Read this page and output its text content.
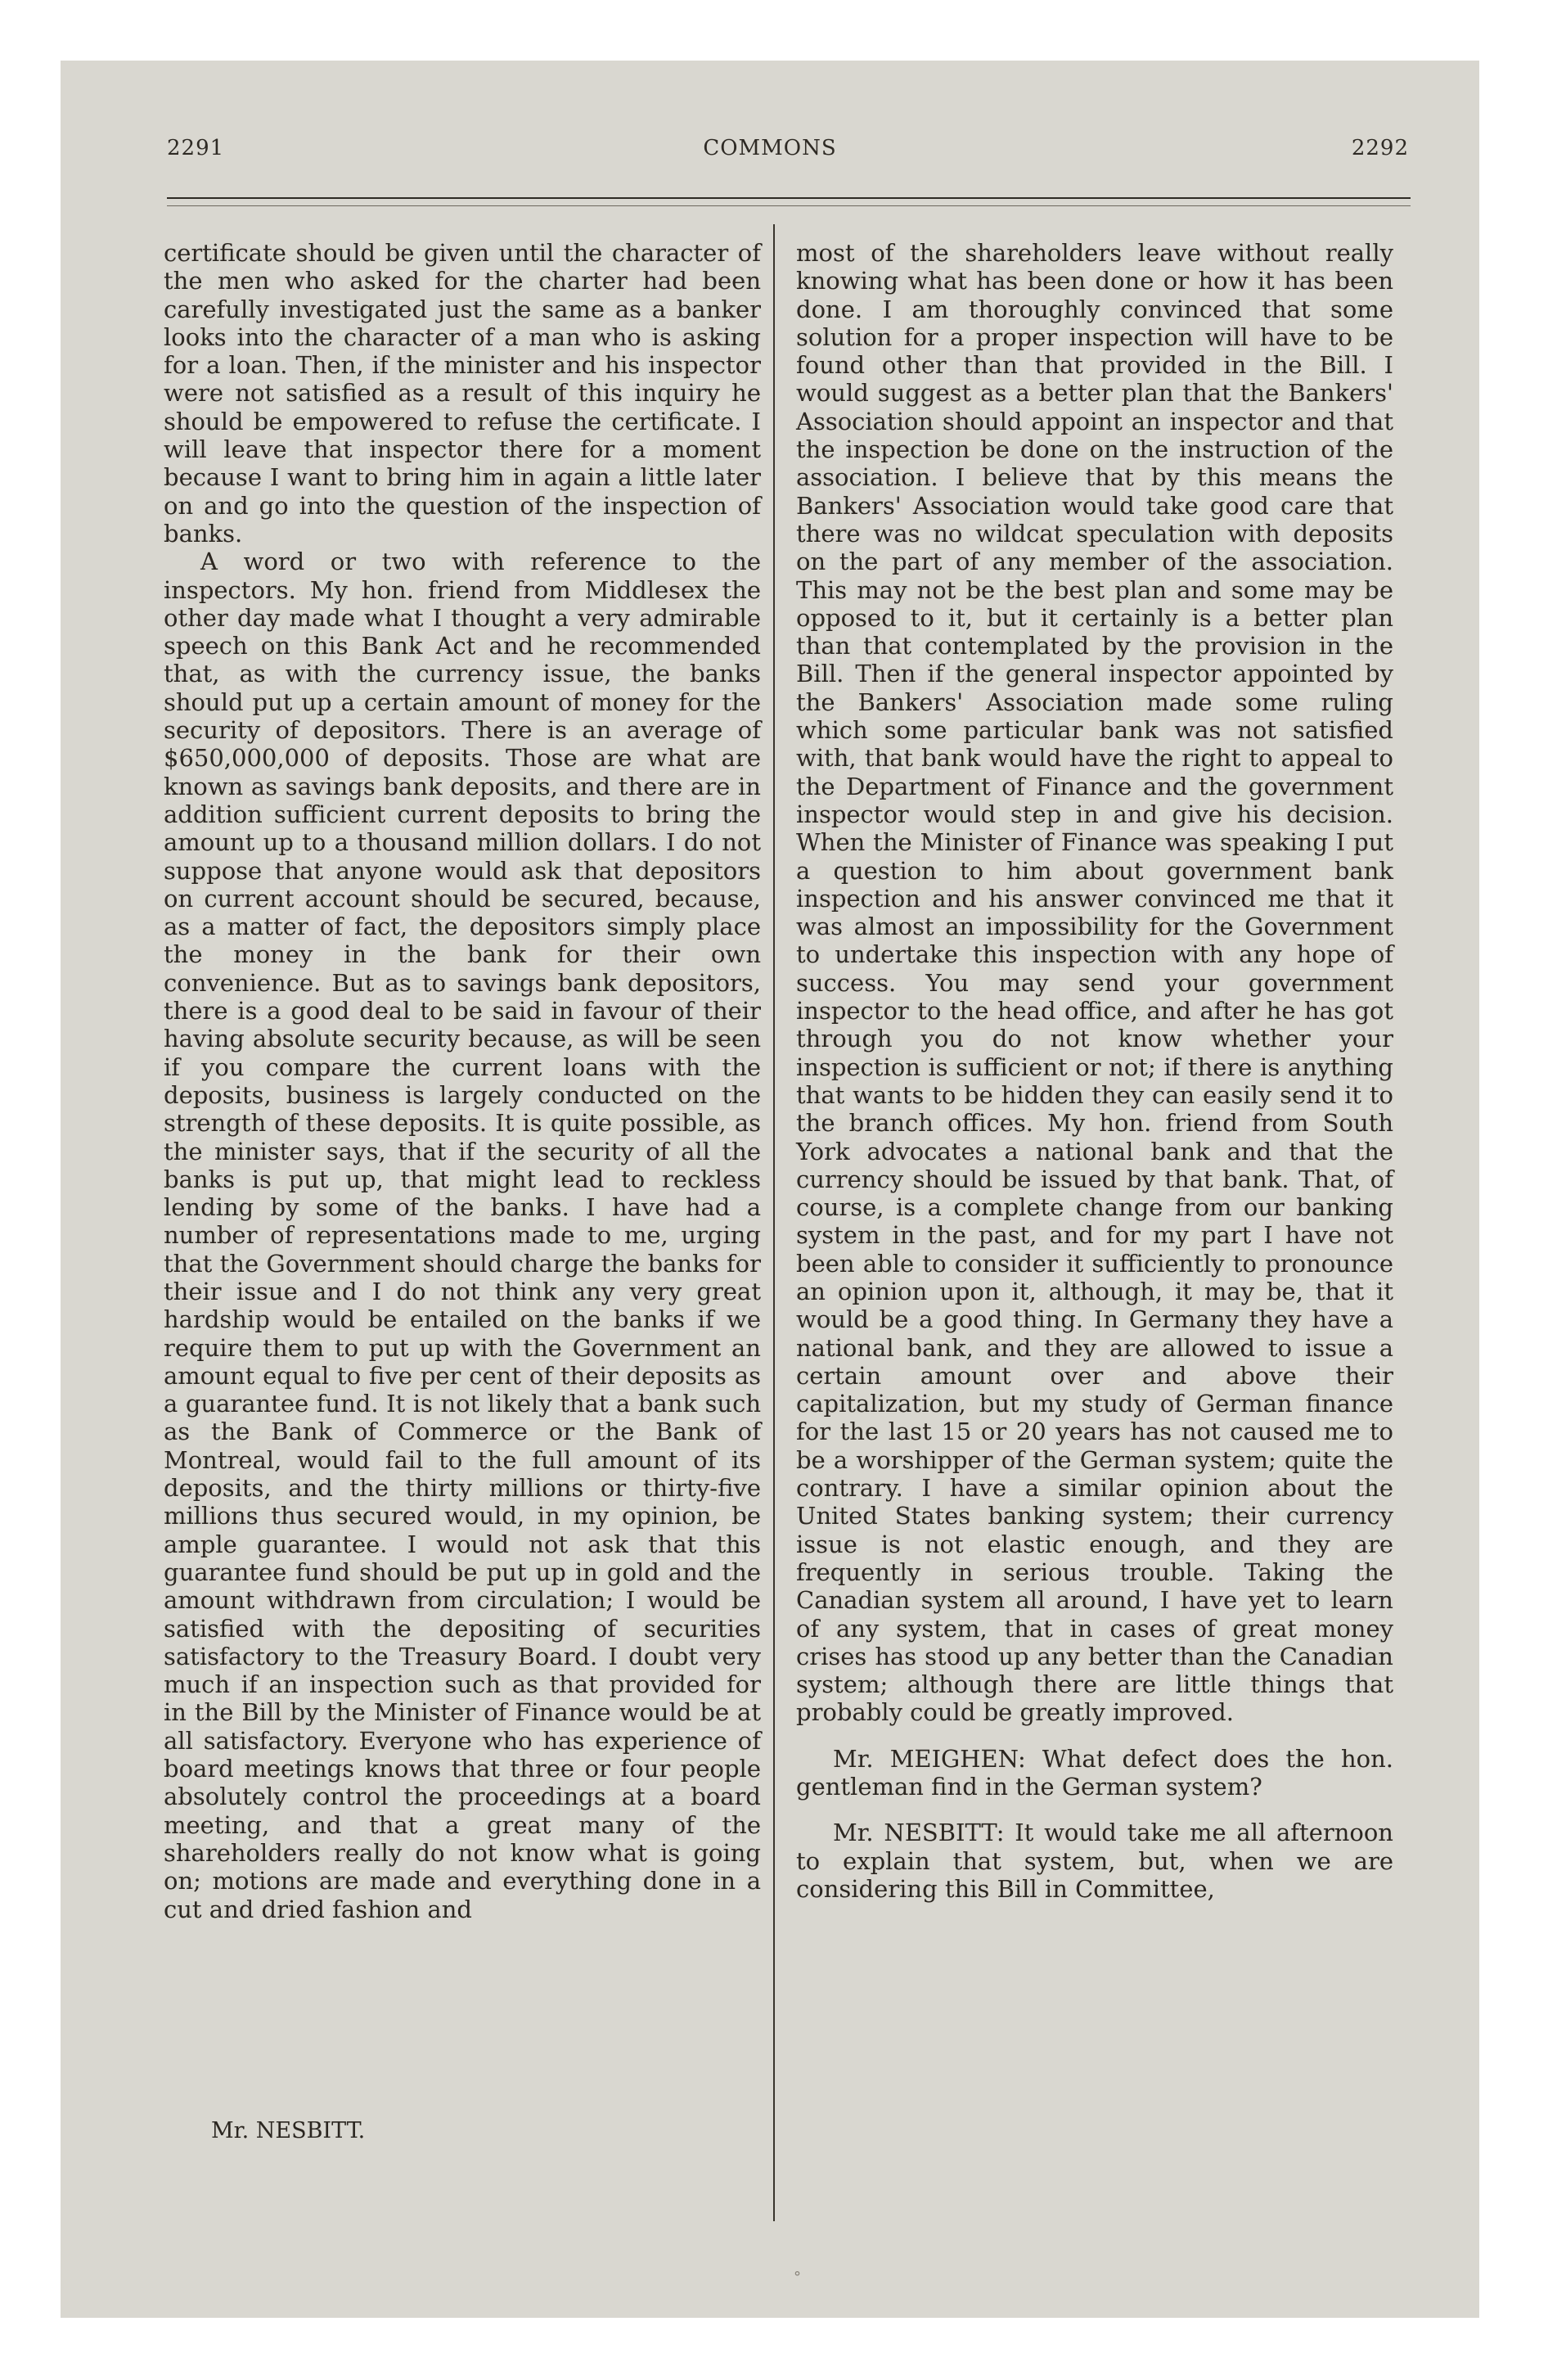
2291	COMMONS	2292

certificate should be given until the character of the men who asked for the charter had been carefully investigated just the same as a banker looks into the character of a man who is asking for a loan. Then, if the minister and his inspector were not satisfied as a result of this inquiry he should be empowered to refuse the certificate. I will leave that inspector there for a moment because I want to bring him in again a little later on and go into the question of the inspection of banks.

A word or two with reference to the inspectors. My hon. friend from Middlesex the other day made what I thought a very admirable speech on this Bank Act and he recommended that, as with the currency issue, the banks should put up a certain amount of money for the security of depositors. There is an average of $650,000,000 of deposits. Those are what are known as savings bank deposits, and there are in addition sufficient current deposits to bring the amount up to a thousand million dollars. I do not suppose that anyone would ask that depositors on current account should be secured, because, as a matter of fact, the depositors simply place the money in the bank for their own convenience. But as to savings bank depositors, there is a good deal to be said in favour of their having absolute security because, as will be seen if you compare the current loans with the deposits, business is largely conducted on the strength of these deposits. It is quite possible, as the minister says, that if the security of all the banks is put up, that might lead to reckless lending by some of the banks. I have had a number of representations made to me, urging that the Government should charge the banks for their issue and I do not think any very great hardship would be entailed on the banks if we require them to put up with the Government an amount equal to five per cent of their deposits as a guarantee fund. It is not likely that a bank such as the Bank of Commerce or the Bank of Montreal, would fail to the full amount of its deposits, and the thirty millions or thirty-five millions thus secured would, in my opinion, be ample guarantee. I would not ask that this guarantee fund should be put up in gold and the amount withdrawn from circulation; I would be satisfied with the depositing of securities satisfactory to the Treasury Board. I doubt very much if an inspection such as that provided for in the Bill by the Minister of Finance would be at all satisfactory. Everyone who has experience of board meetings knows that three or four people absolutely control the proceedings at a board meeting, and that a great many of the shareholders really do not know what is going on; motions are made and everything done in a cut and dried fashion and

Mr. NESBITT.

most of the shareholders leave without really knowing what has been done or how it has been done. I am thoroughly convinced that some solution for a proper inspection will have to be found other than that provided in the Bill. I would suggest as a better plan that the Bankers' Association should appoint an inspector and that the inspection be done on the instruction of the association. I believe that by this means the Bankers' Association would take good care that there was no wildcat speculation with deposits on the part of any member of the association. This may not be the best plan and some may be opposed to it, but it certainly is a better plan than that contemplated by the provision in the Bill. Then if the general inspector appointed by the Bankers' Association made some ruling which some particular bank was not satisfied with, that bank would have the right to appeal to the Department of Finance and the government inspector would step in and give his decision. When the Minister of Finance was speaking I put a question to him about government bank inspection and his answer convinced me that it was almost an impossibility for the Government to undertake this inspection with any hope of success. You may send your government inspector to the head office, and after he has got through you do not know whether your inspection is sufficient or not; if there is anything that wants to be hidden they can easily send it to the branch offices. My hon. friend from South York advocates a national bank and that the currency should be issued by that bank. That, of course, is a complete change from our banking system in the past, and for my part I have not been able to consider it sufficiently to pronounce an opinion upon it, although, it may be, that it would be a good thing. In Germany they have a national bank, and they are allowed to issue a certain amount over and above their capitalization, but my study of German finance for the last 15 or 20 years has not caused me to be a worshipper of the German system; quite the contrary. I have a similar opinion about the United States banking system; their currency issue is not elastic enough, and they are frequently in serious trouble. Taking the Canadian system all around, I have yet to learn of any system, that in cases of great money crises has stood up any better than the Canadian system; although there are little things that probably could be greatly improved.

Mr. MEIGHEN: What defect does the hon. gentleman find in the German system?

Mr. NESBITT: It would take me all afternoon to explain that system, but, when we are considering this Bill in Committee,

°
